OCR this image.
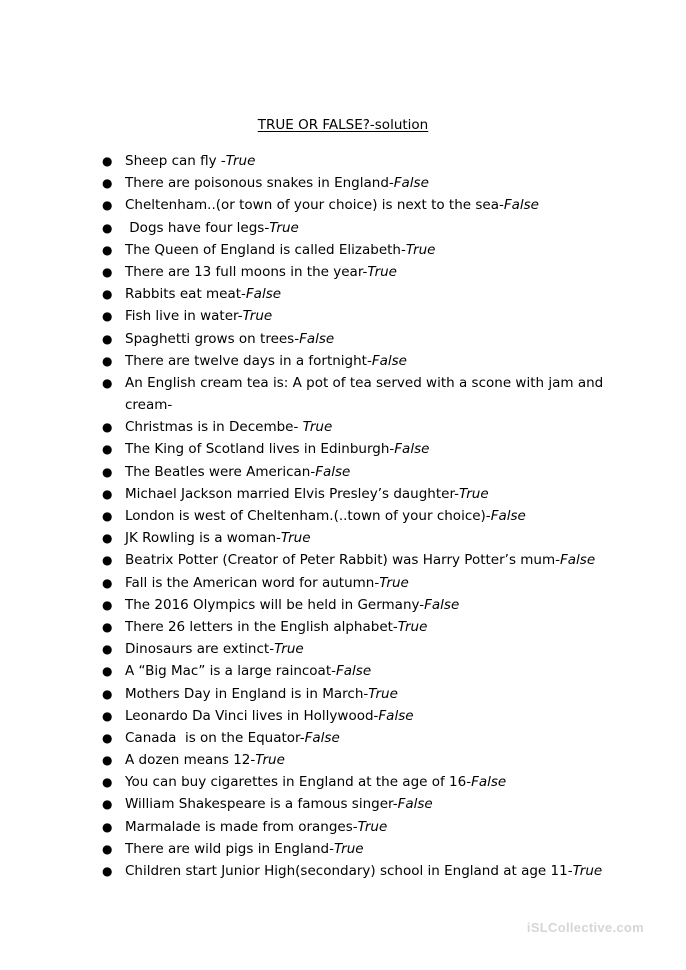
TRUE OR FALSE?-solution
● Sheep can fly -True
● There are poisonous snakes in England-False
● Cheltenham..(or town of your choice) is next to the sea-False
● Dogs have four legs-True
● The Queen of England is called Elizabeth-True
● There are 13 full moons in the year-True
● Rabbits eat meat-False
● Fish live in water-True
● Spaghetti grows on trees-False
● There are twelve days in a fortnight-False
● An English cream tea is: A pot of tea served with a scone with jam and
cream-
● Christmas is in Decembe- True
● The King of Scotland lives in Edinburgh-False
● The Beatles were American-False
● Michael Jackson married Elvis Presley’s daughter-True
● London is west of Cheltenham.(..town of your choice)-False
● JK Rowling is a woman-True
● Beatrix Potter (Creator of Peter Rabbit) was Harry Potter’s mum-False
● Fall is the American word for autumn-True
● The 2016 Olympics will be held in Germany-False
● There 26 letters in the English alphabet-True
● Dinosaurs are extinct-True
● A “Big Mac” is a large raincoat-False
● Mothers Day in England is in March-True
● Leonardo Da Vinci lives in Hollywood-False
● Canada  is on the Equator-False
● A dozen means 12-True
● You can buy cigarettes in England at the age of 16-False
● William Shakespeare is a famous singer-False
● Marmalade is made from oranges-True
● There are wild pigs in England-True
● Children start Junior High(secondary) school in England at age 11-True
iSLCollective.com
